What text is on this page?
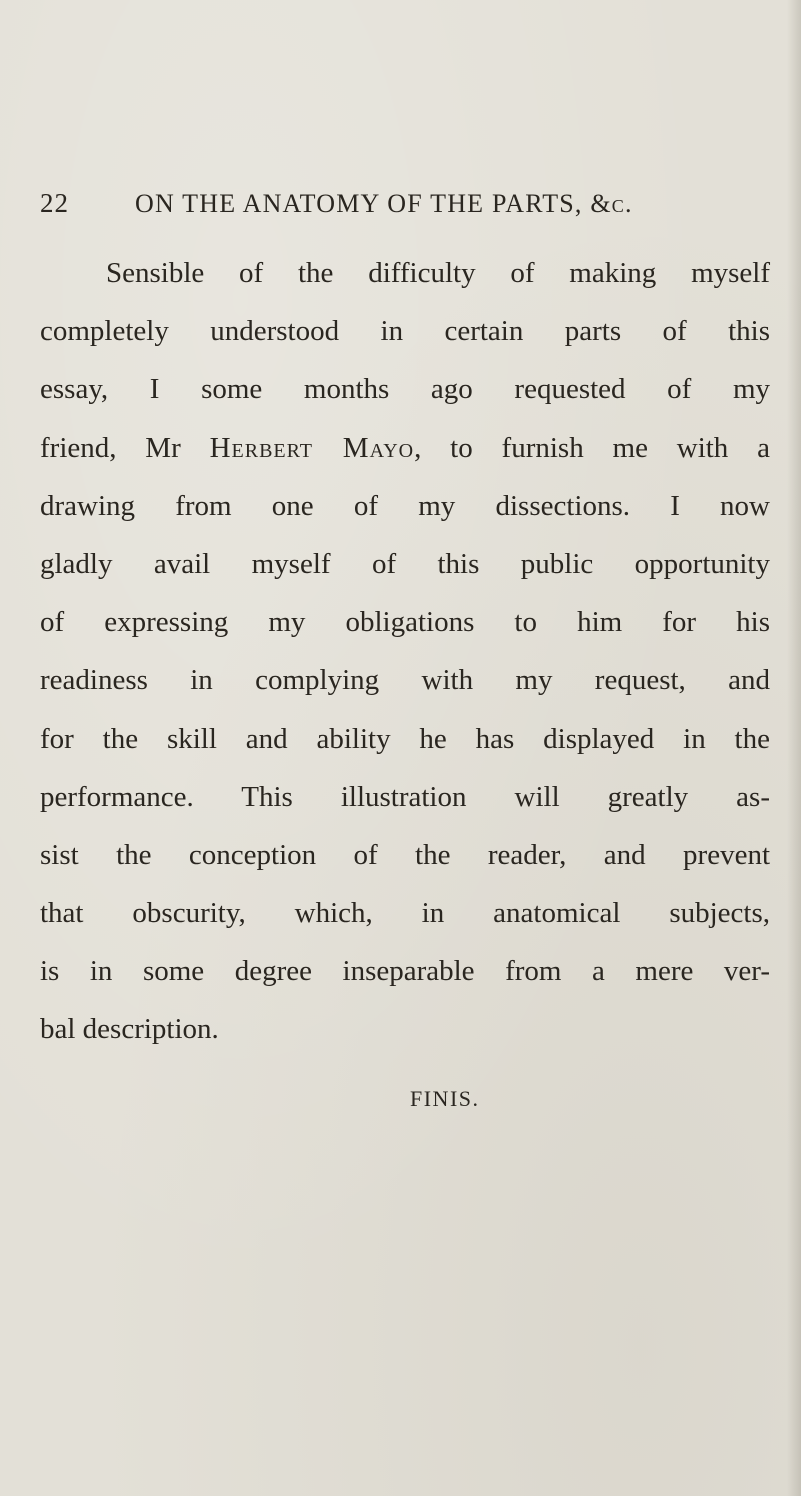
22	ON THE ANATOMY OF THE PARTS, &c.
Sensible of the difficulty of making myself
completely understood in certain parts of this
essay, I some months ago requested of my
friend, Mr Herbert Mayo, to furnish me with a
drawing from one of my dissections. I now
gladly avail myself of this public opportunity
of expressing my obligations to him for his
readiness in complying with my request, and
for the skill and ability he has displayed in the
performance. This illustration will greatly as-
sist the conception of the reader, and prevent
that obscurity, which, in anatomical subjects,
is in some degree inseparable from a mere ver-
bal description.
FINIS.
